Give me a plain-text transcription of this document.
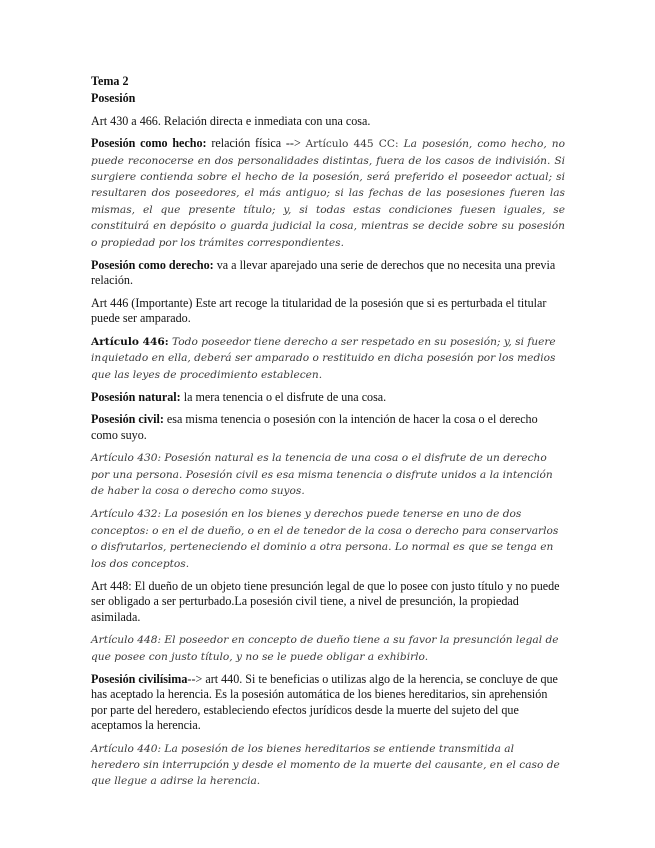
Tema 2

Posesión

Art 430 a 466. Relación directa e inmediata con una cosa.

Posesión como hecho: relación física --> Artículo 445 CC: La posesión, como hecho, no puede reconocerse en dos personalidades distintas, fuera de los casos de indivisión. Si surgiere contienda sobre el hecho de la posesión, será preferido el poseedor actual; si resultaren dos poseedores, el más antiguo; si las fechas de las posesiones fueren las mismas, el que presente título; y, si todas estas condiciones fuesen iguales, se constituirá en depósito o guarda judicial la cosa, mientras se decide sobre su posesión o propiedad por los trámites correspondientes.

Posesión como derecho: va a llevar aparejado una serie de derechos que no necesita una previa relación.

Art 446 (Importante) Este art recoge la titularidad de la posesión que si es perturbada el titular puede ser amparado.

Artículo 446: Todo poseedor tiene derecho a ser respetado en su posesión; y, si fuere inquietado en ella, deberá ser amparado o restituido en dicha posesión por los medios que las leyes de procedimiento establecen.

Posesión natural: la mera tenencia o el disfrute de una cosa.

Posesión civil: esa misma tenencia o posesión con la intención de hacer la cosa o el derecho como suyo.

Artículo 430: Posesión natural es la tenencia de una cosa o el disfrute de un derecho por una persona. Posesión civil es esa misma tenencia o disfrute unidos a la intención de haber la cosa o derecho como suyos.

Artículo 432: La posesión en los bienes y derechos puede tenerse en uno de dos conceptos: o en el de dueño, o en el de tenedor de la cosa o derecho para conservarlos o disfrutarlos, perteneciendo el dominio a otra persona. Lo normal es que se tenga en los dos conceptos.

Art 448: El dueño de un objeto tiene presunción legal de que lo posee con justo título y no puede ser obligado a ser perturbado.La posesión civil tiene, a nivel de presunción, la propiedad asimilada.

Artículo 448: El poseedor en concepto de dueño tiene a su favor la presunción legal de que posee con justo título, y no se le puede obligar a exhibirlo.

Posesión civilísima--> art 440. Si te beneficias o utilizas algo de la herencia, se concluye de que has aceptado la herencia. Es la posesión automática de los bienes hereditarios, sin aprehensión por parte del heredero, estableciendo efectos jurídicos desde la muerte del sujeto del que aceptamos la herencia.

Artículo 440: La posesión de los bienes hereditarios se entiende transmitida al heredero sin interrupción y desde el momento de la muerte del causante, en el caso de que llegue a adirse la herencia.
